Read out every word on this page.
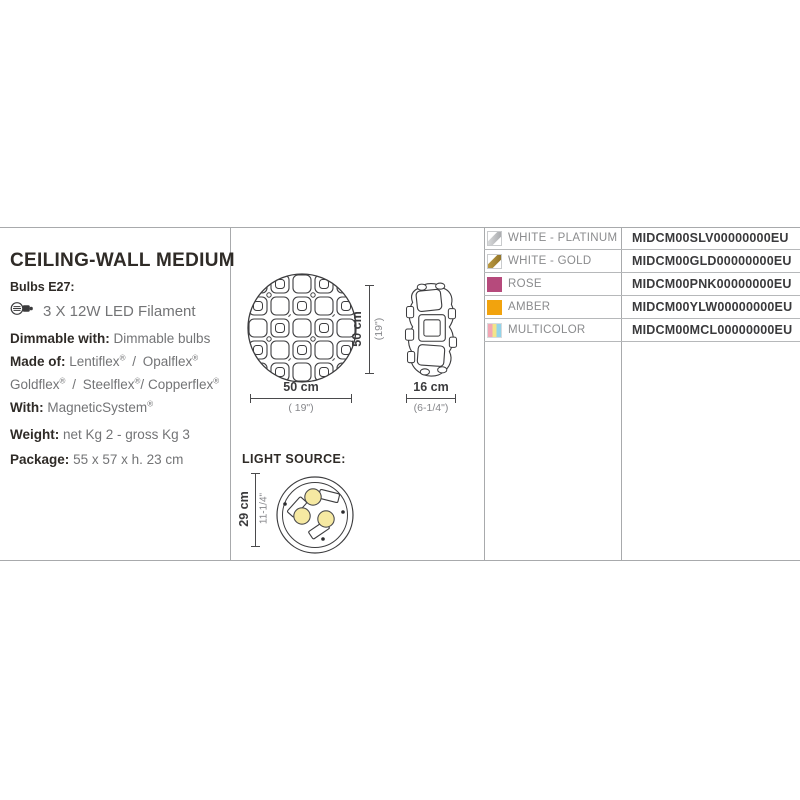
CEILING-WALL MEDIUM
Bulbs E27:
3 X 12W LED Filament
Dimmable with: Dimmable bulbs
Made of: Lentiflex® / Opalflex®
Goldflex® / Steelflex®/ Copperflex®
With: MagneticSystem®
Weight: net Kg 2 - gross Kg 3
Package: 55 x 57 x h. 23 cm
50 cm (19")
50 cm
( 19")
16 cm
(6-1/4")
LIGHT SOURCE:
29 cm 11-1/4"
WHITE - PLATINUM MIDCM00SLV00000000EU
WHITE - GOLD	MIDCM00GLD00000000EU
ROSE	MIDCM00PNK00000000EU
AMBER	MIDCM00YLW00000000EU
MULTICOLOR	MIDCM00MCL00000000EU
